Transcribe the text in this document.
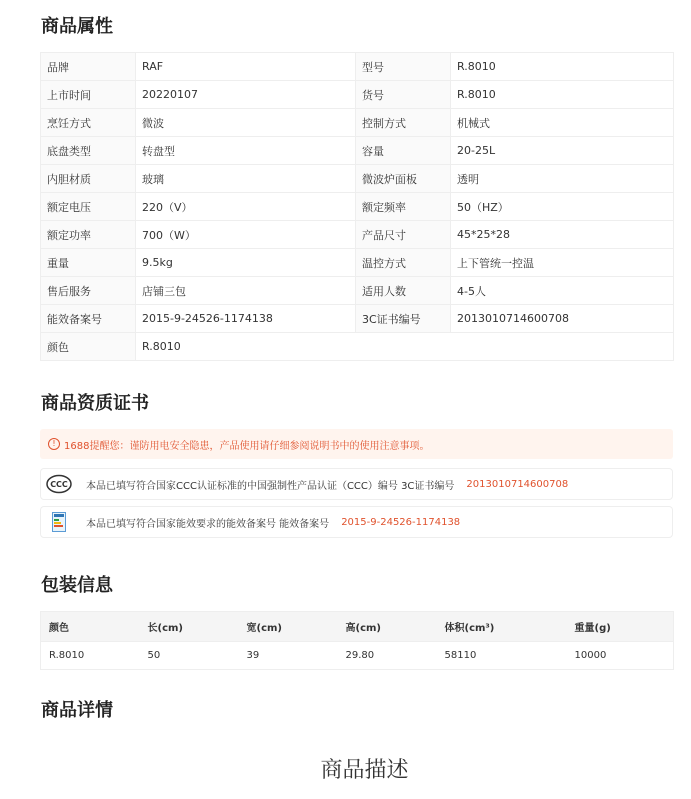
商品属性
品牌	RAF	型号	R.8010
上市时间	20220107	货号	R.8010
烹饪方式	微波	控制方式	机械式
底盘类型	转盘型	容量	20-25L
内胆材质	玻璃	微波炉面板	透明
额定电压	220（V）	额定频率	50（HZ）
额定功率	700（W）	产品尺寸	45*25*28
重量	9.5kg	温控方式	上下管统一控温
售后服务	店铺三包	适用人数	4-5人
能效备案号	2015-9-24526-1174138	3C证书编号	2013010714600708
颜色	R.8010		
商品资质证书
! 1688提醒您：谨防用电安全隐患，产品使用请仔细参阅说明书中的使用注意事项。
CCC 本品已填写符合国家CCC认证标准的中国强制性产品认证（CCC）编号 3C证书编号 2013010714600708
本品已填写符合国家能效要求的能效备案号 能效备案号 2015-9-24526-1174138
包装信息
颜色	长(cm)	宽(cm)	高(cm)	体积(cm³)	重量(g)
R.8010	50	39	29.80	58110	10000
商品详情
商品描述
